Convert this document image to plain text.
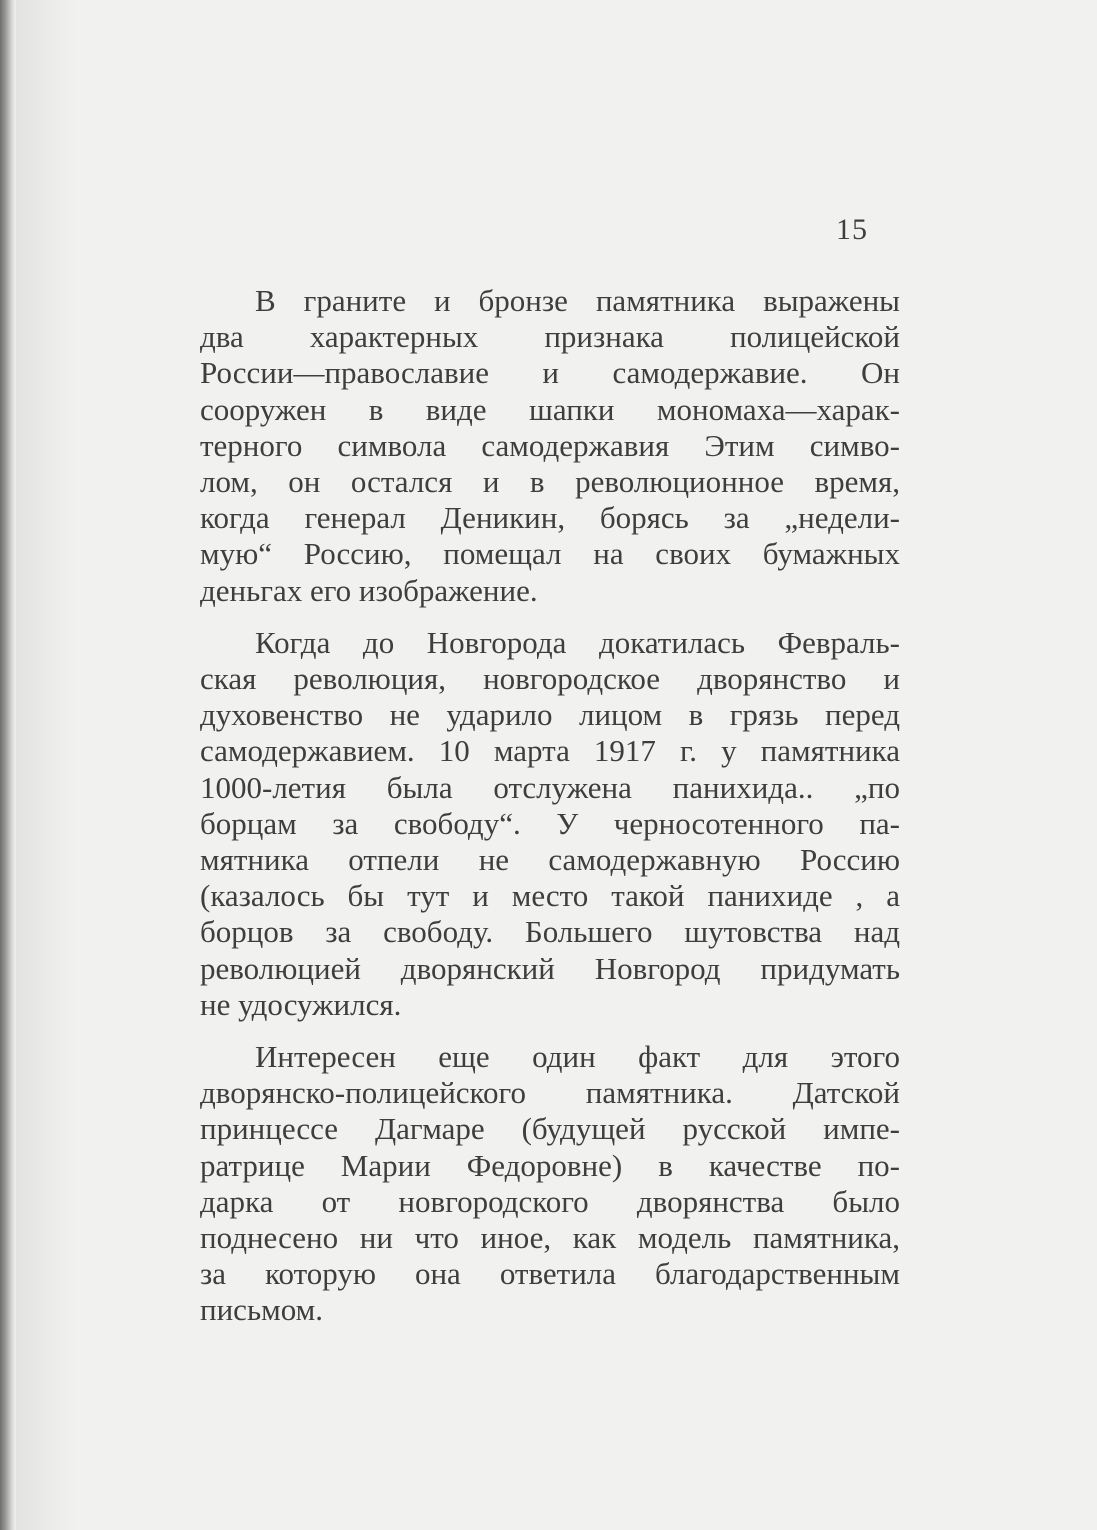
15

В граните и бронзе памятника выражены
два характерных признака полицейской
России—православие и самодержавие. Он
сооружен в виде шапки мономаха—харак-
терного символа самодержавия Этим симво-
лом, он остался и в революционное время,
когда генерал Деникин, борясь за „недели-
мую“ Россию, помещал на своих бумажных
деньгах его изображение.

Когда до Новгорода докатилась Февраль-
ская революция, новгородское дворянство и
духовенство не ударило лицом в грязь перед
самодержавием. 10 марта 1917 г. у памятника
1000-летия была отслужена панихида.. „по
борцам за свободу“. У черносотенного па-
мятника отпели не самодержавную Россию
(казалось бы тут и место такой панихиде , а
борцов за свободу. Большего шутовства над
революцией дворянский Новгород придумать
не удосужился.

Интересен еще один факт для этого
дворянско-полицейского памятника. Датской
принцессе Дагмаре (будущей русской импе-
ратрице Марии Федоровне) в качестве по-
дарка от новгородского дворянства было
поднесено ни что иное, как модель памятника,
за которую она ответила благодарственным
письмом.
